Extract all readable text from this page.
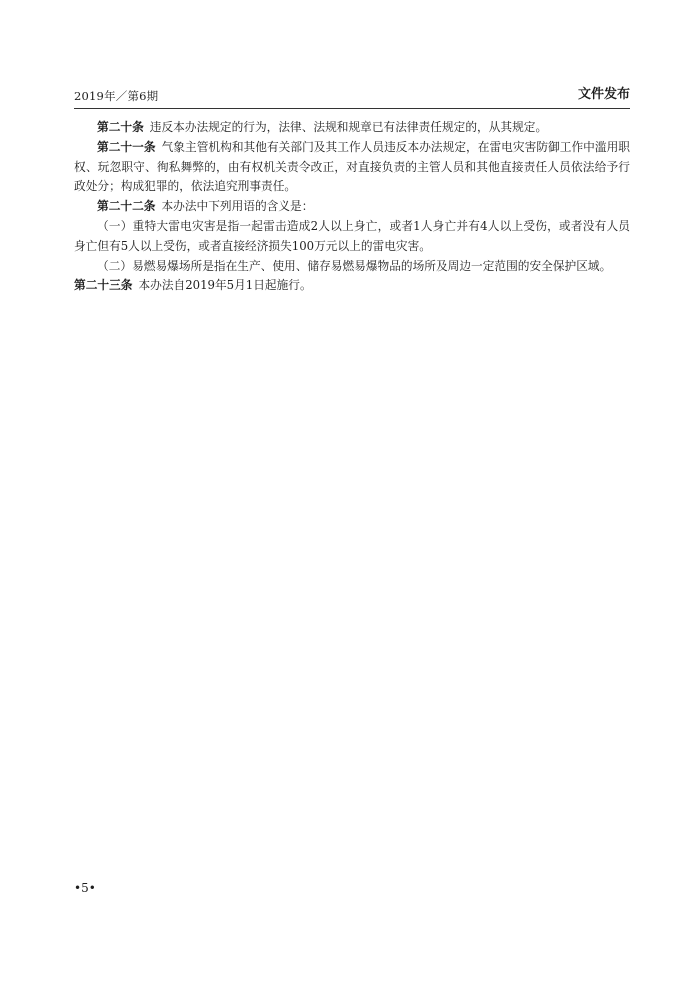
2019年／第6期	文件发布

第二十条 违反本办法规定的行为，法律、法规和规章已有法律责任规定的，从其规定。

第二十一条 气象主管机构和其他有关部门及其工作人员违反本办法规定，在雷电灾害防御工作中滥用职权、玩忽职守、徇私舞弊的，由有权机关责令改正，对直接负责的主管人员和其他直接责任人员依法给予行政处分；构成犯罪的，依法追究刑事责任。

第二十二条 本办法中下列用语的含义是：

（一）重特大雷电灾害是指一起雷击造成2人以上身亡，或者1人身亡并有4人以上受伤，或者没有人员身亡但有5人以上受伤，或者直接经济损失100万元以上的雷电灾害。

（二）易燃易爆场所是指在生产、使用、储存易燃易爆物品的场所及周边一定范围的安全保护区域。

第二十三条 本办法自2019年5月1日起施行。

•5•
